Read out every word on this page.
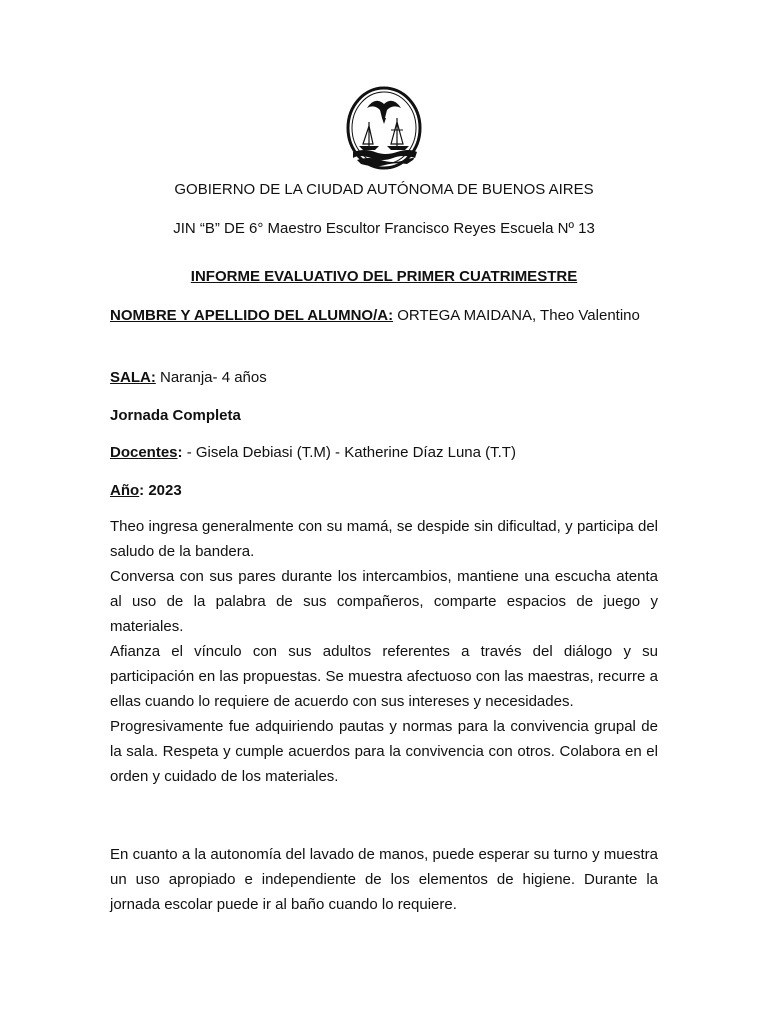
GOBIERNO DE LA CIUDAD AUTÓNOMA DE BUENOS AIRES
JIN “B” DE 6° Maestro Escultor Francisco Reyes Escuela Nº 13
INFORME EVALUATIVO DEL PRIMER CUATRIMESTRE
NOMBRE Y APELLIDO DEL ALUMNO/A: ORTEGA MAIDANA, Theo Valentino
SALA: Naranja- 4 años
Jornada Completa
Docentes: - Gisela Debiasi (T.M) - Katherine Díaz Luna (T.T)
Año: 2023

Theo ingresa generalmente con su mamá, se despide sin dificultad, y participa del saludo de la bandera.

Conversa con sus pares durante los intercambios, mantiene una escucha atenta al uso de la palabra de sus compañeros, comparte espacios de juego y materiales.

Afianza el vínculo con sus adultos referentes a través del diálogo y su participación en las propuestas. Se muestra afectuoso con las maestras, recurre a ellas cuando lo requiere de acuerdo con sus intereses y necesidades.

Progresivamente fue adquiriendo pautas y normas para la convivencia grupal de la sala. Respeta y cumple acuerdos para la convivencia con otros. Colabora en el orden y cuidado de los materiales.

En cuanto a la autonomía del lavado de manos, puede esperar su turno y muestra un uso apropiado e independiente de los elementos de higiene. Durante la jornada escolar puede ir al baño cuando lo requiere.
